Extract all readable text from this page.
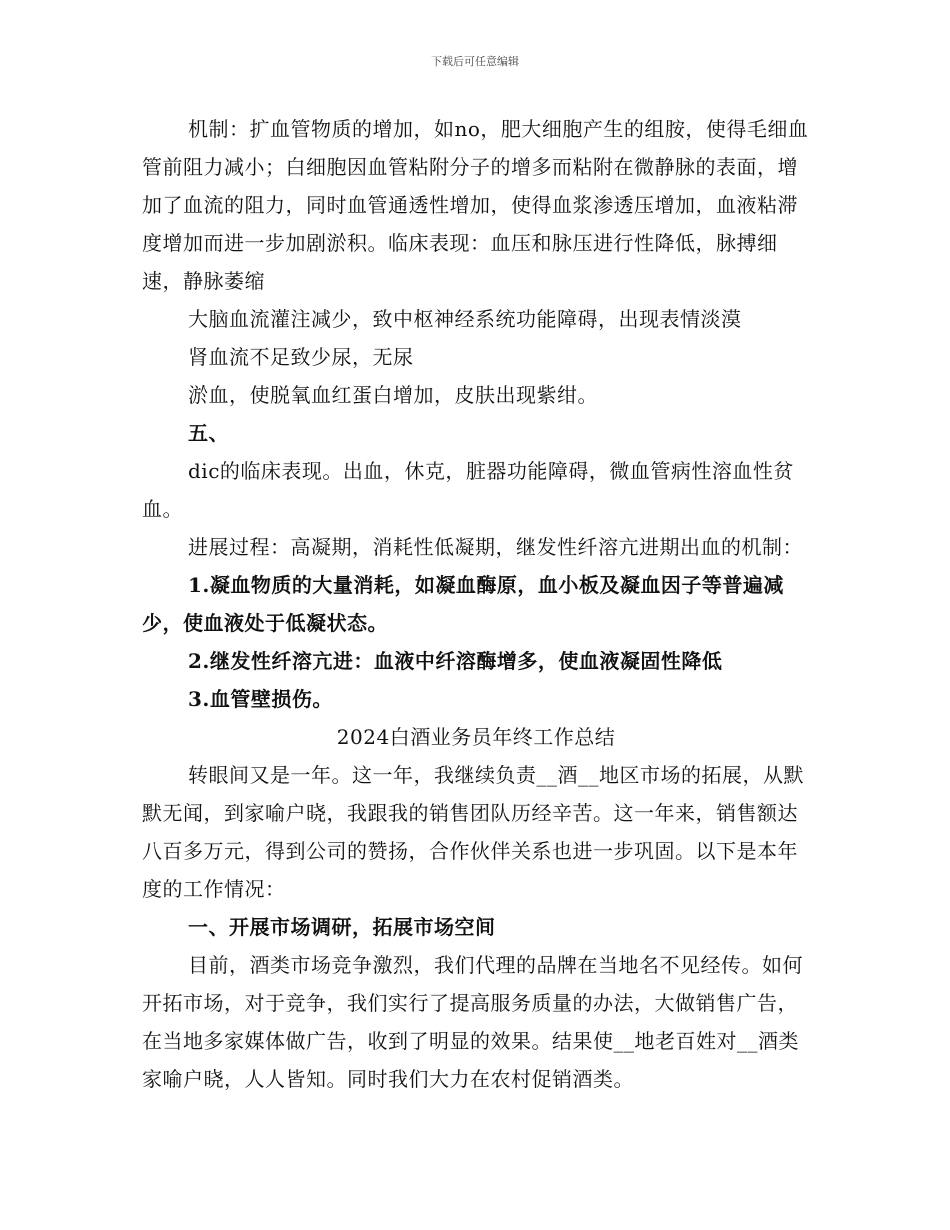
下载后可任意编辑

机制：扩血管物质的增加，如no，肥大细胞产生的组胺，使得毛细血管前阻力减小；白细胞因血管粘附分子的增多而粘附在微静脉的表面，增加了血流的阻力，同时血管通透性增加，使得血浆渗透压增加，血液粘滞度增加而进一步加剧淤积。临床表现：血压和脉压进行性降低，脉搏细速，静脉萎缩

大脑血流灌注减少，致中枢神经系统功能障碍，出现表情淡漠

肾血流不足致少尿，无尿

淤血，使脱氧血红蛋白增加，皮肤出现紫绀。

五、

dic的临床表现。出血，休克，脏器功能障碍，微血管病性溶血性贫血。

进展过程：高凝期，消耗性低凝期，继发性纤溶亢进期出血的机制：

1.凝血物质的大量消耗，如凝血酶原，血小板及凝血因子等普遍减少，使血液处于低凝状态。

2.继发性纤溶亢进：血液中纤溶酶增多，使血液凝固性降低

3.血管壁损伤。

2024白酒业务员年终工作总结

转眼间又是一年。这一年，我继续负责__酒__地区市场的拓展，从默默无闻，到家喻户晓，我跟我的销售团队历经辛苦。这一年来，销售额达八百多万元，得到公司的赞扬，合作伙伴关系也进一步巩固。以下是本年度的工作情况：

一、开展市场调研，拓展市场空间

目前，酒类市场竞争激烈，我们代理的品牌在当地名不见经传。如何开拓市场，对于竞争，我们实行了提高服务质量的办法，大做销售广告，在当地多家媒体做广告，收到了明显的效果。结果使__地老百姓对__酒类家喻户晓，人人皆知。同时我们大力在农村促销酒类。
